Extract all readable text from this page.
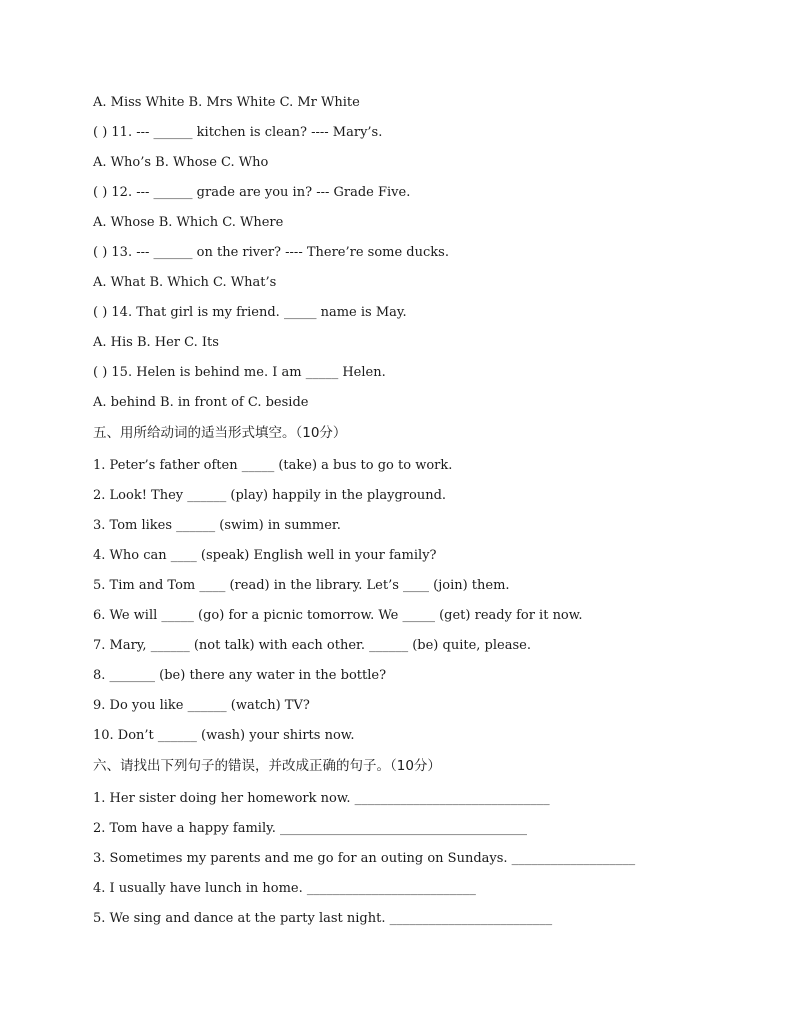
A. Miss White B. Mrs White C. Mr White
( ) 11. --- ______ kitchen is clean? ---- Mary’s.
A. Who’s B. Whose C. Who
( ) 12. --- ______ grade are you in? --- Grade Five.
A. Whose B. Which C. Where
( ) 13. --- ______ on the river? ---- There’re some ducks.
A. What B. Which C. What’s
( ) 14. That girl is my friend. _____ name is May.
A. His B. Her C. Its
( ) 15. Helen is behind me. I am _____ Helen.
A. behind B. in front of C. beside
五、用所给动词的适当形式填空。（10分）
1. Peter’s father often _____ (take) a bus to go to work.
2. Look! They ______ (play) happily in the playground.
3. Tom likes ______ (swim) in summer.
4. Who can ____ (speak) English well in your family?
5. Tim and Tom ____ (read) in the library. Let’s ____ (join) them.
6. We will _____ (go) for a picnic tomorrow. We _____ (get) ready for it now.
7. Mary, ______ (not talk) with each other. ______ (be) quite, please.
8. _______ (be) there any water in the bottle?
9. Do you like ______ (watch) TV?
10. Don’t ______ (wash) your shirts now.
六、请找出下列句子的错误，并改成正确的句子。（10分）
1. Her sister doing her homework now. ______________________________
2. Tom have a happy family. ______________________________________
3. Sometimes my parents and me go for an outing on Sundays. ___________________
4. I usually have lunch in home. __________________________
5. We sing and dance at the party last night. _________________________
